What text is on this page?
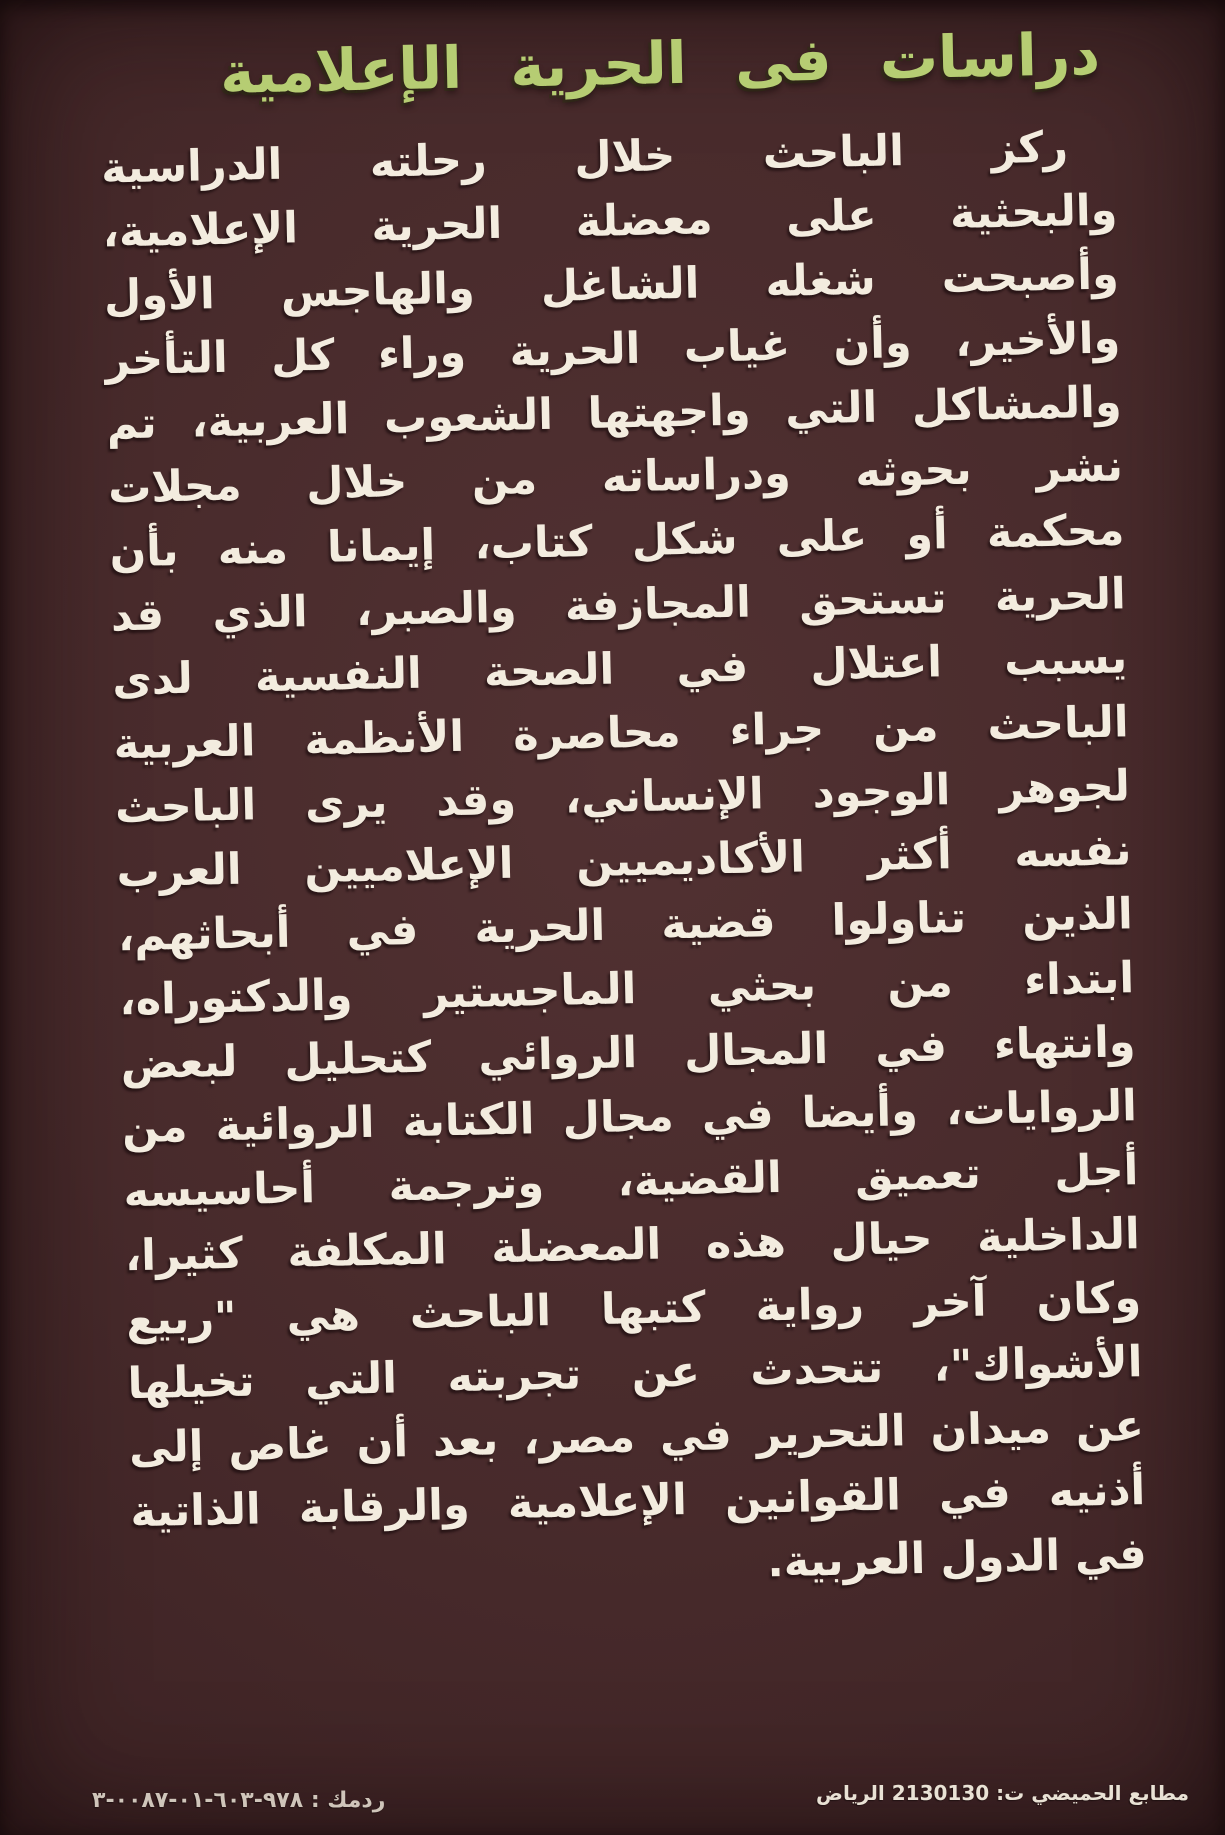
دراسات فى الحرية الإعلامية
ركز الباحث خلال رحلته الدراسية
والبحثية على معضلة الحرية الإعلامية،
وأصبحت شغله الشاغل والهاجس الأول
والأخير، وأن غياب الحرية وراء كل التأخر
والمشاكل التي واجهتها الشعوب العربية، تم
نشر بحوثه ودراساته من خلال مجلات
محكمة أو على شكل كتاب، إيمانا منه بأن
الحرية تستحق المجازفة والصبر، الذي قد
يسبب اعتلال في الصحة النفسية لدى
الباحث من جراء محاصرة الأنظمة العربية
لجوهر الوجود الإنساني، وقد يرى الباحث
نفسه أكثر الأكاديميين الإعلاميين العرب
الذين تناولوا قضية الحرية في أبحاثهم،
ابتداء من بحثي الماجستير والدكتوراه،
وانتهاء في المجال الروائي كتحليل لبعض
الروايات، وأيضا في مجال الكتابة الروائية من
أجل تعميق القضية، وترجمة أحاسيسه
الداخلية حيال هذه المعضلة المكلفة كثيرا،
وكان آخر رواية كتبها الباحث هي "ربيع
الأشواك"، تتحدث عن تجربته التي تخيلها
عن ميدان التحرير في مصر، بعد أن غاص إلى
أذنيه في القوانين الإعلامية والرقابة الذاتية
في الدول العربية.
ردمك : ٩٧٨-٦٠٣-٠١-٠٠٨٧-٣	مطابع الحميضي ت: 2130130 الرياض
